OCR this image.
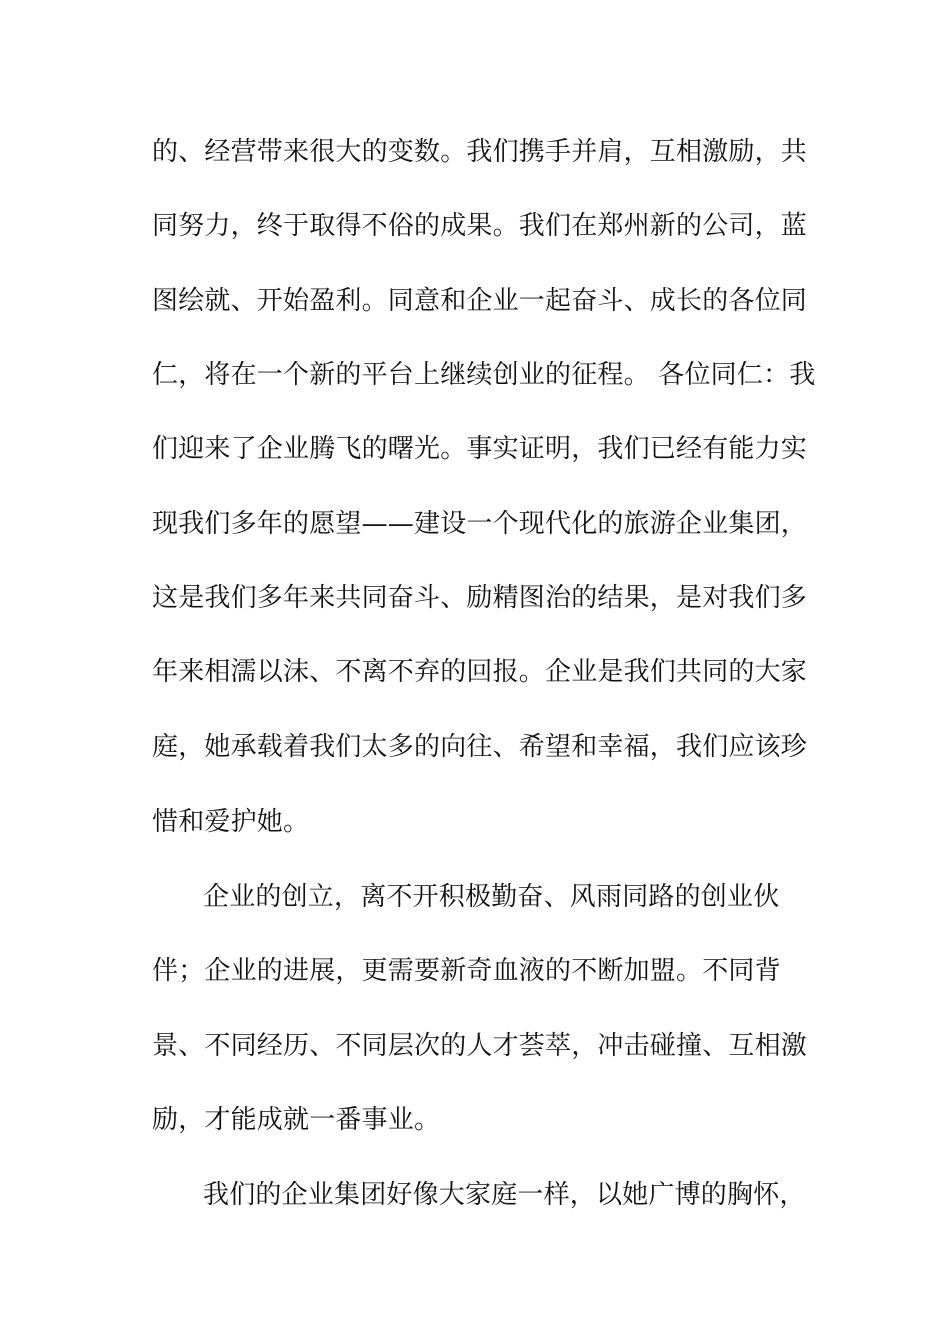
的、经营带来很大的变数。我们携手并肩，互相激励，共
同努力，终于取得不俗的成果。我们在郑州新的公司，蓝
图绘就、开始盈利。同意和企业一起奋斗、成长的各位同
仁，将在一个新的平台上继续创业的征程。 各位同仁：我
们迎来了企业腾飞的曙光。事实证明，我们已经有能力实
现我们多年的愿望——建设一个现代化的旅游企业集团，
这是我们多年来共同奋斗、励精图治的结果，是对我们多
年来相濡以沫、不离不弃的回报。企业是我们共同的大家
庭，她承载着我们太多的向往、希望和幸福，我们应该珍
惜和爱护她。
企业的创立，离不开积极勤奋、风雨同路的创业伙
伴；企业的进展，更需要新奇血液的不断加盟。不同背
景、不同经历、不同层次的人才荟萃，冲击碰撞、互相激
励，才能成就一番事业。
我们的企业集团好像大家庭一样，以她广博的胸怀，
